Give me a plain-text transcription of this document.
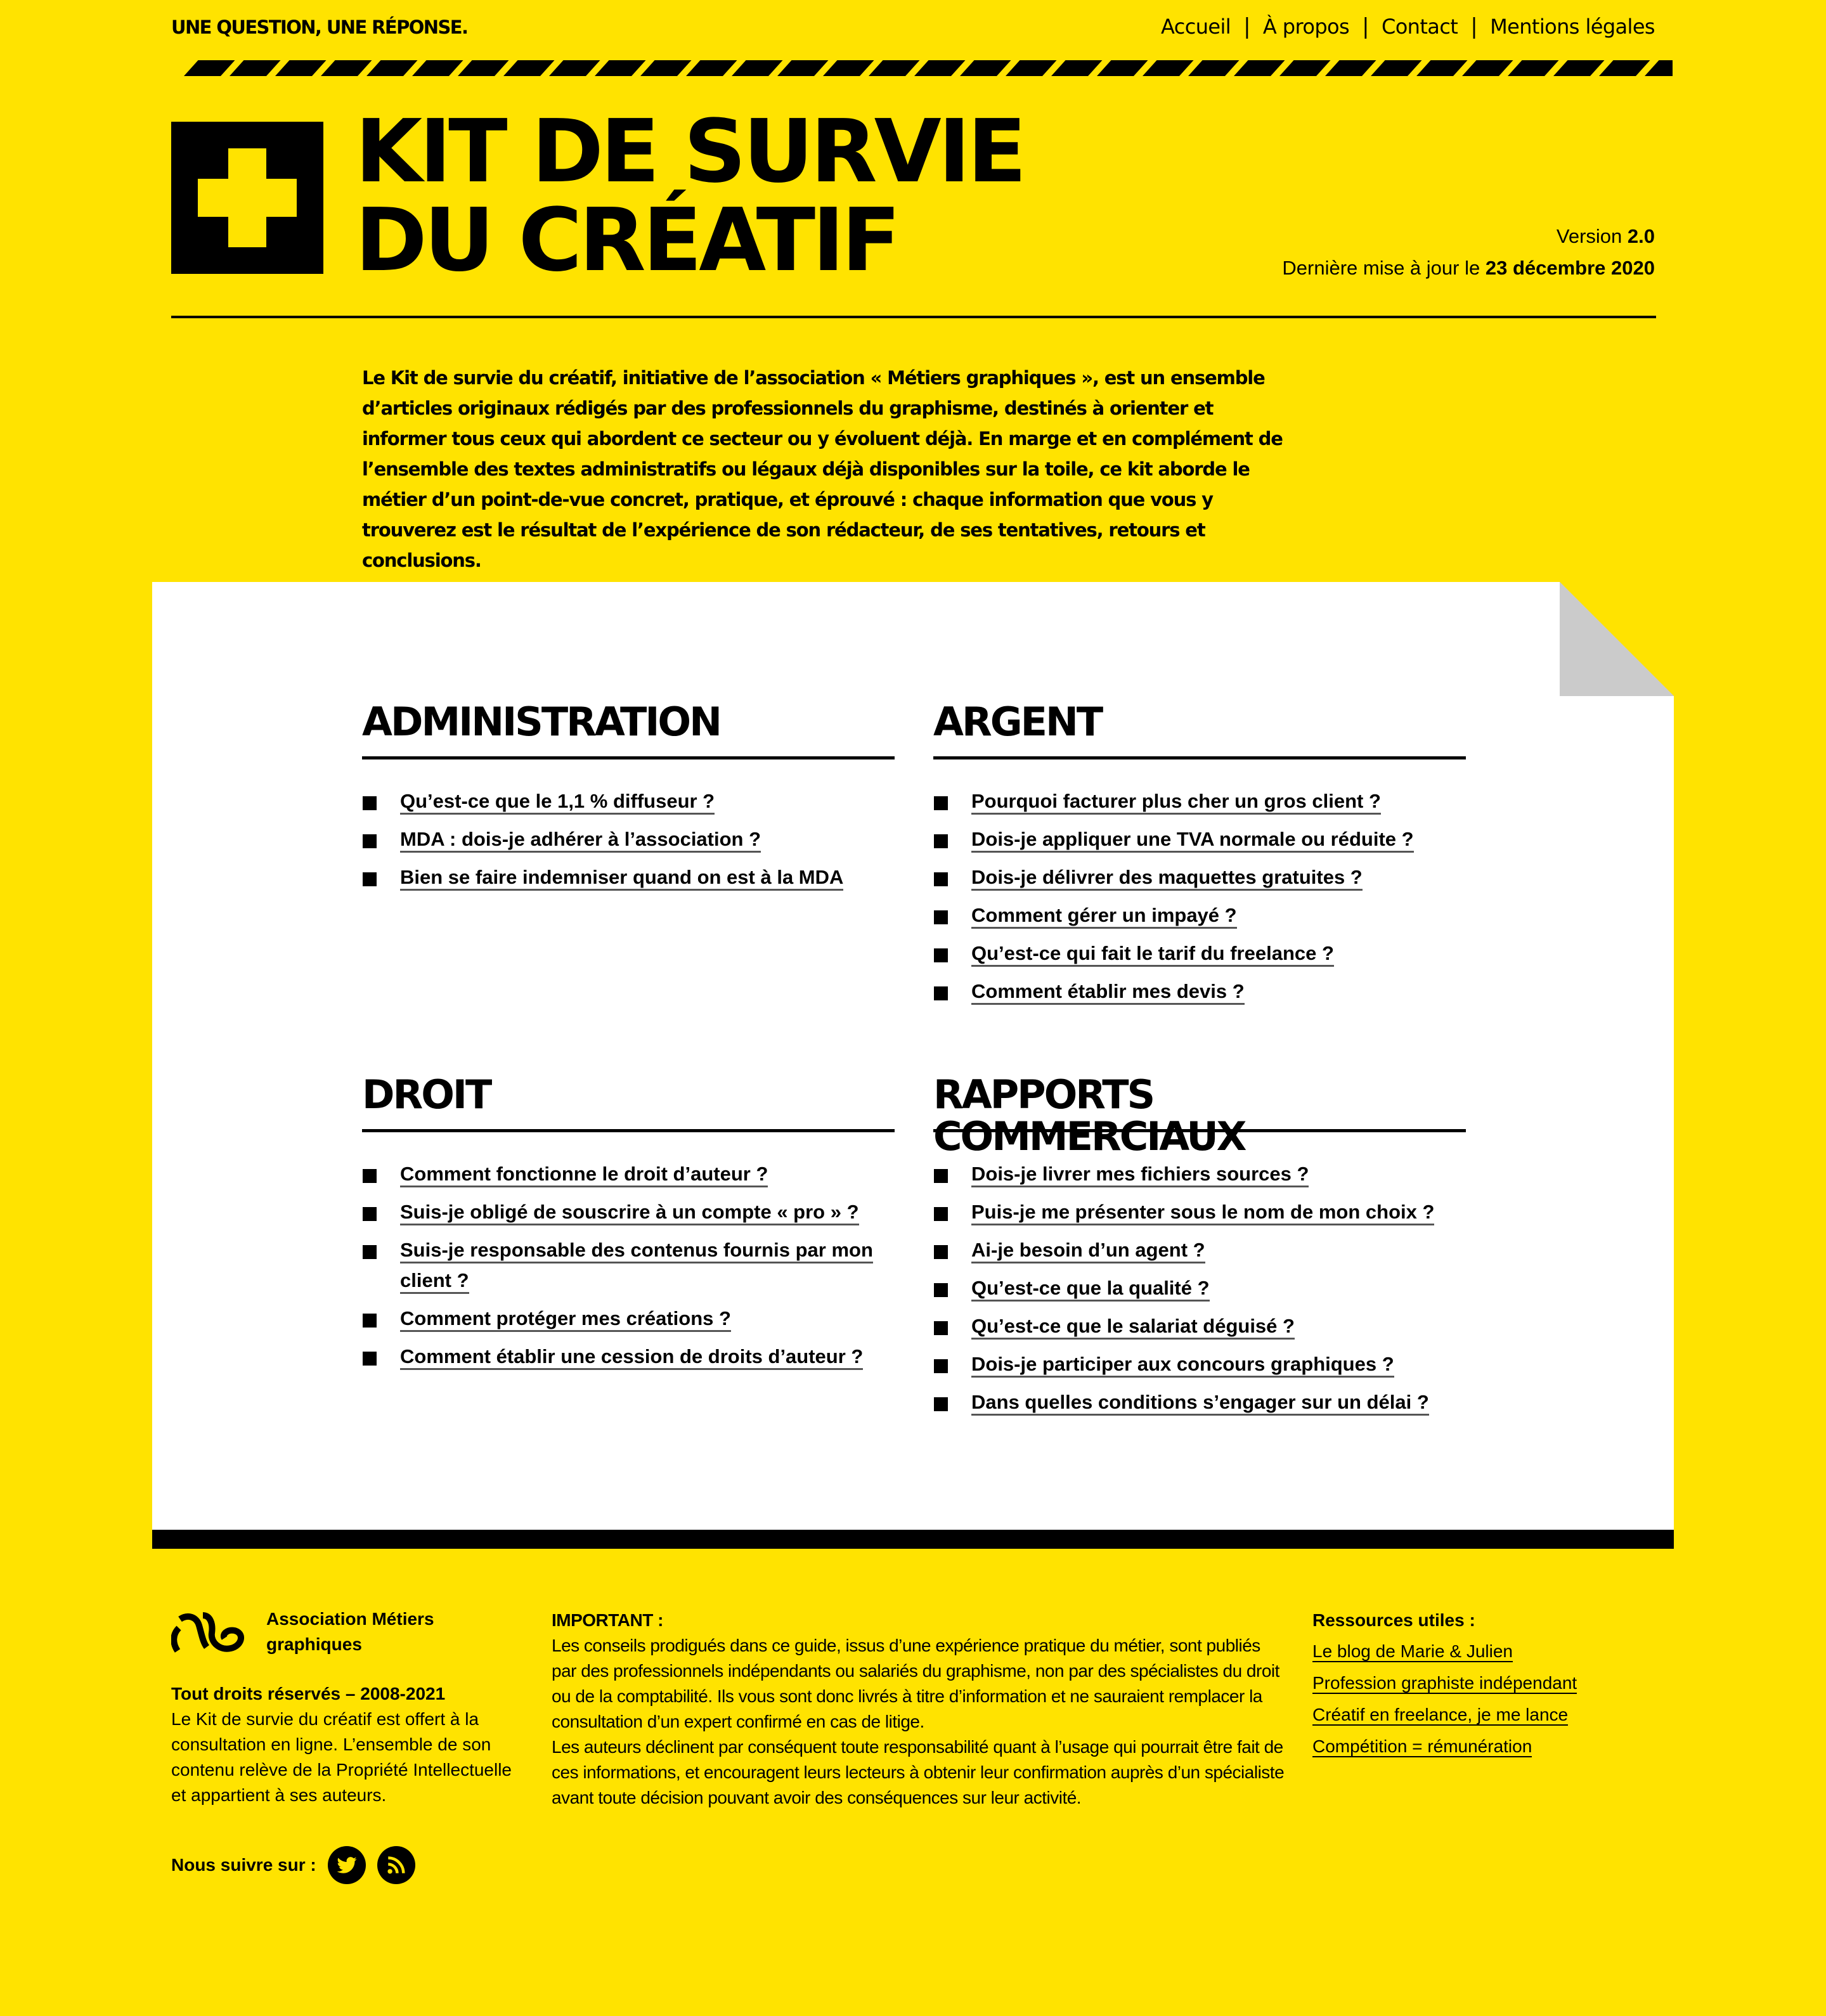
UNE QUESTION, UNE RÉPONSE.	Accueil | À propos | Contact | Mentions légales
KIT DE SURVIE
DU CRÉATIF	Version 2.0
Dernière mise à jour le 23 décembre 2020

Le Kit de survie du créatif, initiative de l’association « Métiers graphiques », est un ensemble d’articles originaux rédigés par des professionnels du graphisme, destinés à orienter et informer tous ceux qui abordent ce secteur ou y évoluent déjà. En marge et en complément de l’ensemble des textes administratifs ou légaux déjà disponibles sur la toile, ce kit aborde le métier d’un point-de-vue concret, pratique, et éprouvé : chaque information que vous y trouverez est le résultat de l’expérience de son rédacteur, de ses tentatives, retours et conclusions.

ADMINISTRATION
Qu’est-ce que le 1,1 % diffuseur ?
MDA : dois-je adhérer à l’association ?
Bien se faire indemniser quand on est à la MDA
ARGENT
Pourquoi facturer plus cher un gros client ?
Dois-je appliquer une TVA normale ou réduite ?
Dois-je délivrer des maquettes gratuites ?
Comment gérer un impayé ?
Qu’est-ce qui fait le tarif du freelance ?
Comment établir mes devis ?
DROIT
Comment fonctionne le droit d’auteur ?
Suis-je obligé de souscrire à un compte « pro » ?
Suis-je responsable des contenus fournis par mon client ?
Comment protéger mes créations ?
Comment établir une cession de droits d’auteur ?
RAPPORTS COMMERCIAUX
Dois-je livrer mes fichiers sources ?
Puis-je me présenter sous le nom de mon choix ?
Ai-je besoin d’un agent ?
Qu’est-ce que la qualité ?
Qu’est-ce que le salariat déguisé ?
Dois-je participer aux concours graphiques ?
Dans quelles conditions s’engager sur un délai ?
Association Métiers graphiques
Tout droits réservés – 2008-2021
Le Kit de survie du créatif est offert à la consultation en ligne. L’ensemble de son contenu relève de la Propriété Intellectuelle et appartient à ses auteurs.
Nous suivre sur :
IMPORTANT :
Les conseils prodigués dans ce guide, issus d’une expérience pratique du métier, sont publiés par des professionnels indépendants ou salariés du graphisme, non par des spécialistes du droit ou de la comptabilité. Ils vous sont donc livrés à titre d’information et ne sauraient remplacer la consultation d’un expert confirmé en cas de litige.
Les auteurs déclinent par conséquent toute responsabilité quant à l’usage qui pourrait être fait de ces informations, et encouragent leurs lecteurs à obtenir leur confirmation auprès d’un spécialiste avant toute décision pouvant avoir des conséquences sur leur activité.
Ressources utiles :
Le blog de Marie & Julien
Profession graphiste indépendant
Créatif en freelance, je me lance
Compétition = rémunération
